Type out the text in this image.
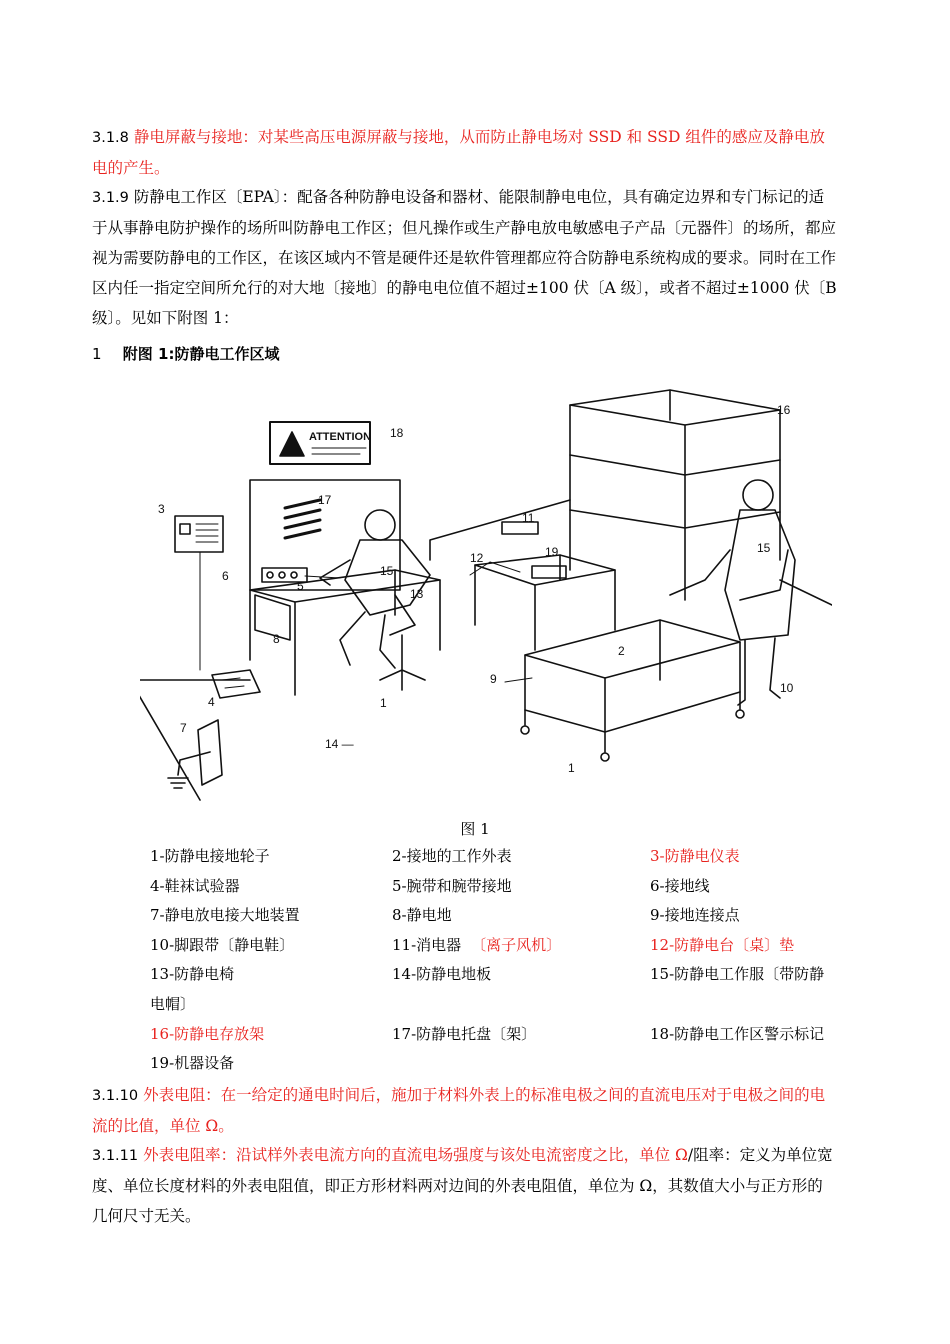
3.1.8 静电屏蔽与接地：对某些高压电源屏蔽与接地，从而防止静电场对 SSD 和 SSD 组件的感应及静电放电的产生。
3.1.9 防静电工作区〔EPA〕：配备各种防静电设备和器材、能限制静电电位，具有确定边界和专门标记的适于从事静电防护操作的场所叫防静电工作区；但凡操作或生产静电放电敏感电子产品〔元器件〕的场所，都应视为需要防静电的工作区，在该区域内不管是硬件还是软件管理都应符合防静电系统构成的要求。同时在工作区内任一指定空间所允行的对大地〔接地〕的静电电位值不超过±100 伏〔A 级〕，或者不超过±1000 伏〔B 级〕。见如下附图 1：
1 附图 1:防静电工作区域
ATTENTION 18
17
3
6
5
8
15
13
4
7
1
14 —
12
11
19
16
15
2
9
10
1
图 1
1-防静电接地轮子	2-接地的工作外表	3-防静电仪表
4-鞋袜试验器	5-腕带和腕带接地	6-接地线
7-静电放电接大地装置	8-静电地	9-接地连接点
10-脚跟带〔静电鞋〕	11-消电器 〔离子风机〕	12-防静电台〔桌〕垫
13-防静电椅	14-防静电地板	15-防静电工作服〔带防静
电帽〕
16-防静电存放架	17-防静电托盘〔架〕	18-防静电工作区警示标记
19-机器设备
3.1.10 外表电阻：在一给定的通电时间后，施加于材料外表上的标准电极之间的直流电压对于电极之间的电流的比值，单位 Ω。
3.1.11 外表电阻率：沿试样外表电流方向的直流电场强度与该处电流密度之比，单位 Ω/阻率：定义为单位宽度、单位长度材料的外表电阻值，即正方形材料两对边间的外表电阻值，单位为 Ω，其数值大小与正方形的几何尺寸无关。
